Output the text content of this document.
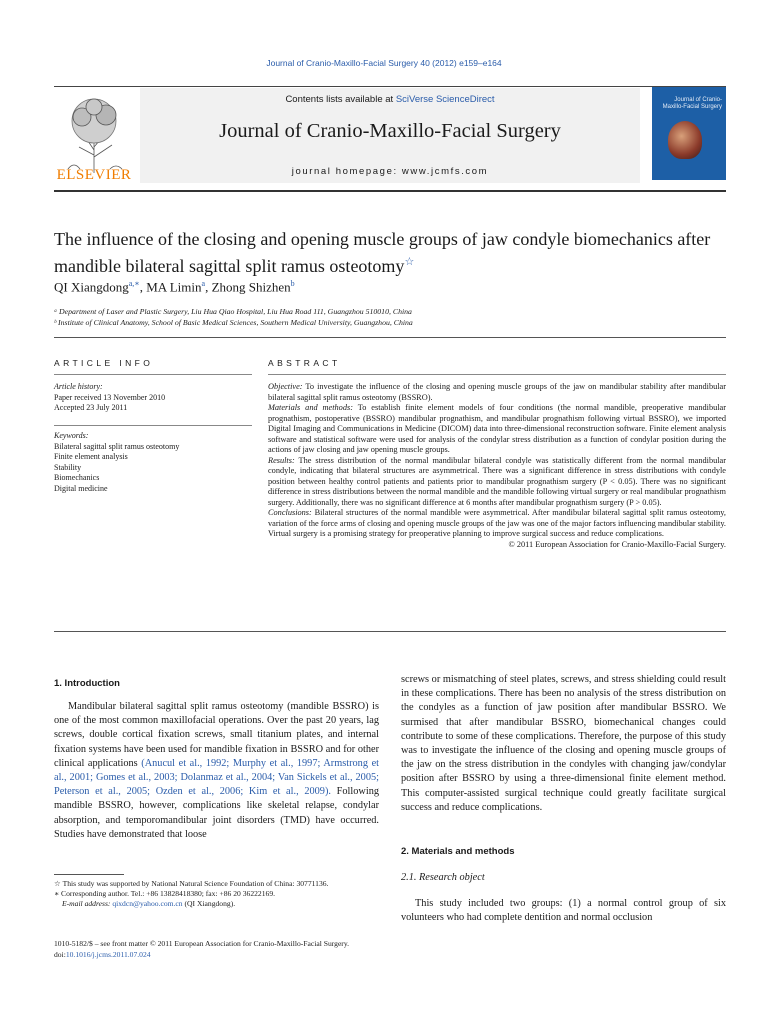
Journal of Cranio-Maxillo-Facial Surgery 40 (2012) e159–e164
ELSEVIER
Contents lists available at SciVerse ScienceDirect
Journal of Cranio-Maxillo-Facial Surgery
journal homepage: www.jcmfs.com
Journal of Cranio-Maxillo-Facial Surgery
The influence of the closing and opening muscle groups of jaw condyle biomechanics after mandible bilateral sagittal split ramus osteotomy☆
QI Xiangdong$^{a,∗}$, MA Limin$^a$, Zhong Shizhen$^b$
ᵃ Department of Laser and Plastic Surgery, Liu Hua Qiao Hospital, Liu Hua Road 111, Guangzhou 510010, China
ᵇ Institute of Clinical Anatomy, School of Basic Medical Sciences, Southern Medical University, Guangzhou, China
ARTICLE INFO
Article history:
Paper received 13 November 2010
Accepted 23 July 2011
Keywords:
Bilateral sagittal split ramus osteotomy
Finite element analysis
Stability
Biomechanics
Digital medicine
ABSTRACT

Objective: To investigate the influence of the closing and opening muscle groups of the jaw on mandibular stability after mandibular bilateral sagittal split ramus osteotomy (BSSRO).

Materials and methods: To establish finite element models of four conditions (the normal mandible, preoperative mandibular prognathism, postoperative (BSSRO) mandibular prognathism, and mandibular prognathism following virtual BSSRO), we imported Digital Imaging and Communications in Medicine (DICOM) data into three-dimensional reconstruction software. Finite element analysis software and statistical software were used for analysis of the condylar stress distribution as a function of condylar position during the actions of jaw closing and jaw opening muscle groups.

Results: The stress distribution of the normal mandibular bilateral condyle was statistically different from the normal mandibular condyle, indicating that bilateral structures are asymmetrical. There was a significant difference in stress distributions with condyle position between healthy control patients and patients prior to mandibular prognathism surgery (P < 0.05). There was no significant difference in stress distributions between the normal mandible and the mandible following virtual surgery or real mandibular prognathism surgery. Additionally, there was no significant difference at 6 months after mandibular prognathism surgery (P > 0.05).

Conclusions: Bilateral structures of the normal mandible were asymmetrical. After mandibular bilateral sagittal split ramus osteotomy, variation of the force arms of closing and opening muscle groups of the jaw was one of the major factors influencing mandibular stability. Virtual surgery is a promising strategy for preoperative planning to improve surgical success and reduce complications.

© 2011 European Association for Cranio-Maxillo-Facial Surgery.

1. Introduction

Mandibular bilateral sagittal split ramus osteotomy (mandible BSSRO) is one of the most common maxillofacial operations. Over the past 20 years, lag screws, double cortical fixation screws, small titanium plates, and internal fixation systems have been used for mandible fixation in BSSRO and for other clinical applications (Anucul et al., 1992; Murphy et al., 1997; Armstrong et al., 2001; Gomes et al., 2003; Dolanmaz et al., 2004; Van Sickels et al., 2005; Peterson et al., 2005; Ozden et al., 2006; Kim et al., 2009). Following mandible BSSRO, however, complications like skeletal relapse, condylar absorption, and temporomandibular joint disorders (TMD) have occurred. Studies have demonstrated that loose

☆ This study was supported by National Natural Science Foundation of China: 30771136.
∗ Corresponding author. Tel.: +86 13828418380; fax: +86 20 36222169.
E-mail address: qixdcn@yahoo.com.cn (QI Xiangdong).
screws or mismatching of steel plates, screws, and stress shielding could result in these complications. There has been no analysis of the stress distribution on the condyles as a function of jaw position after mandibular BSSRO. We surmised that after mandibular BSSRO, biomechanical changes could contribute to some of these complications. Therefore, the purpose of this study was to investigate the influence of the closing and opening muscle groups of the jaw on the stress distribution in the condyles with changing jaw/condylar position after BSSRO by using a three-dimensional finite element method. This computer-assisted surgical technique could greatly facilitate surgical success and reduce complications.
2. Materials and methods
2.1. Research object
This study included two groups: (1) a normal control group of six volunteers who had complete dentition and normal occlusion
1010-5182/$ – see front matter © 2011 European Association for Cranio-Maxillo-Facial Surgery.
doi:10.1016/j.jcms.2011.07.024
